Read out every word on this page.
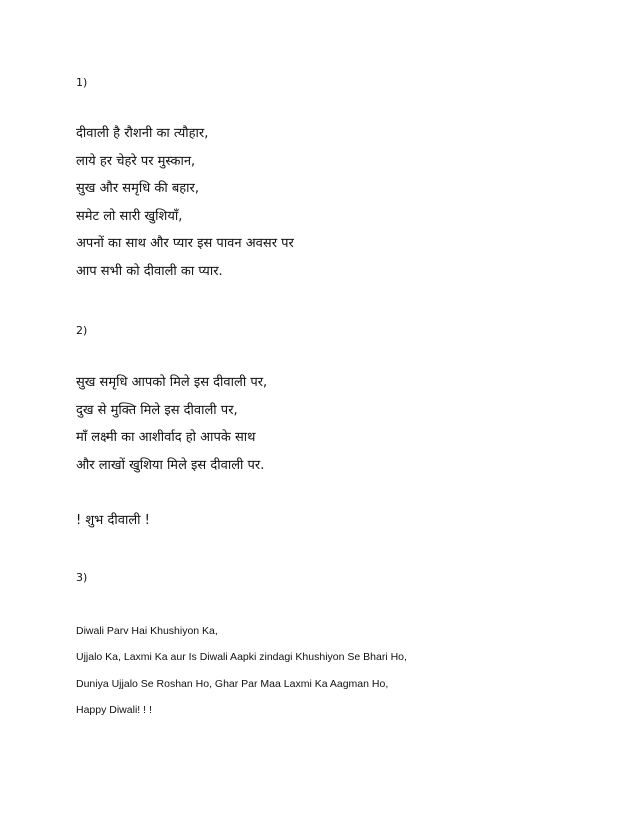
1)
दीवाली है रौशनी का त्यौहार,
लाये हर चेहरे पर मुस्कान,
सुख और समृधि की बहार,
समेट लो सारी खुशियाँ,
अपनों का साथ और प्यार इस पावन अवसर पर
आप सभी को दीवाली का प्यार.
2)
सुख समृधि आपको मिले इस दीवाली पर,
दुख से मुक्ति मिले इस दीवाली पर,
माँ लक्ष्मी का आशीर्वाद हो आपके साथ
और लाखों खुशिया मिले इस दीवाली पर.
! शुभ दीवाली !
3)
Diwali Parv Hai Khushiyon Ka,
Ujjalo Ka, Laxmi Ka aur Is Diwali Aapki zindagi Khushiyon Se Bhari Ho,
Duniya Ujjalo Se Roshan Ho, Ghar Par Maa Laxmi Ka Aagman Ho,
Happy Diwali! ! !
